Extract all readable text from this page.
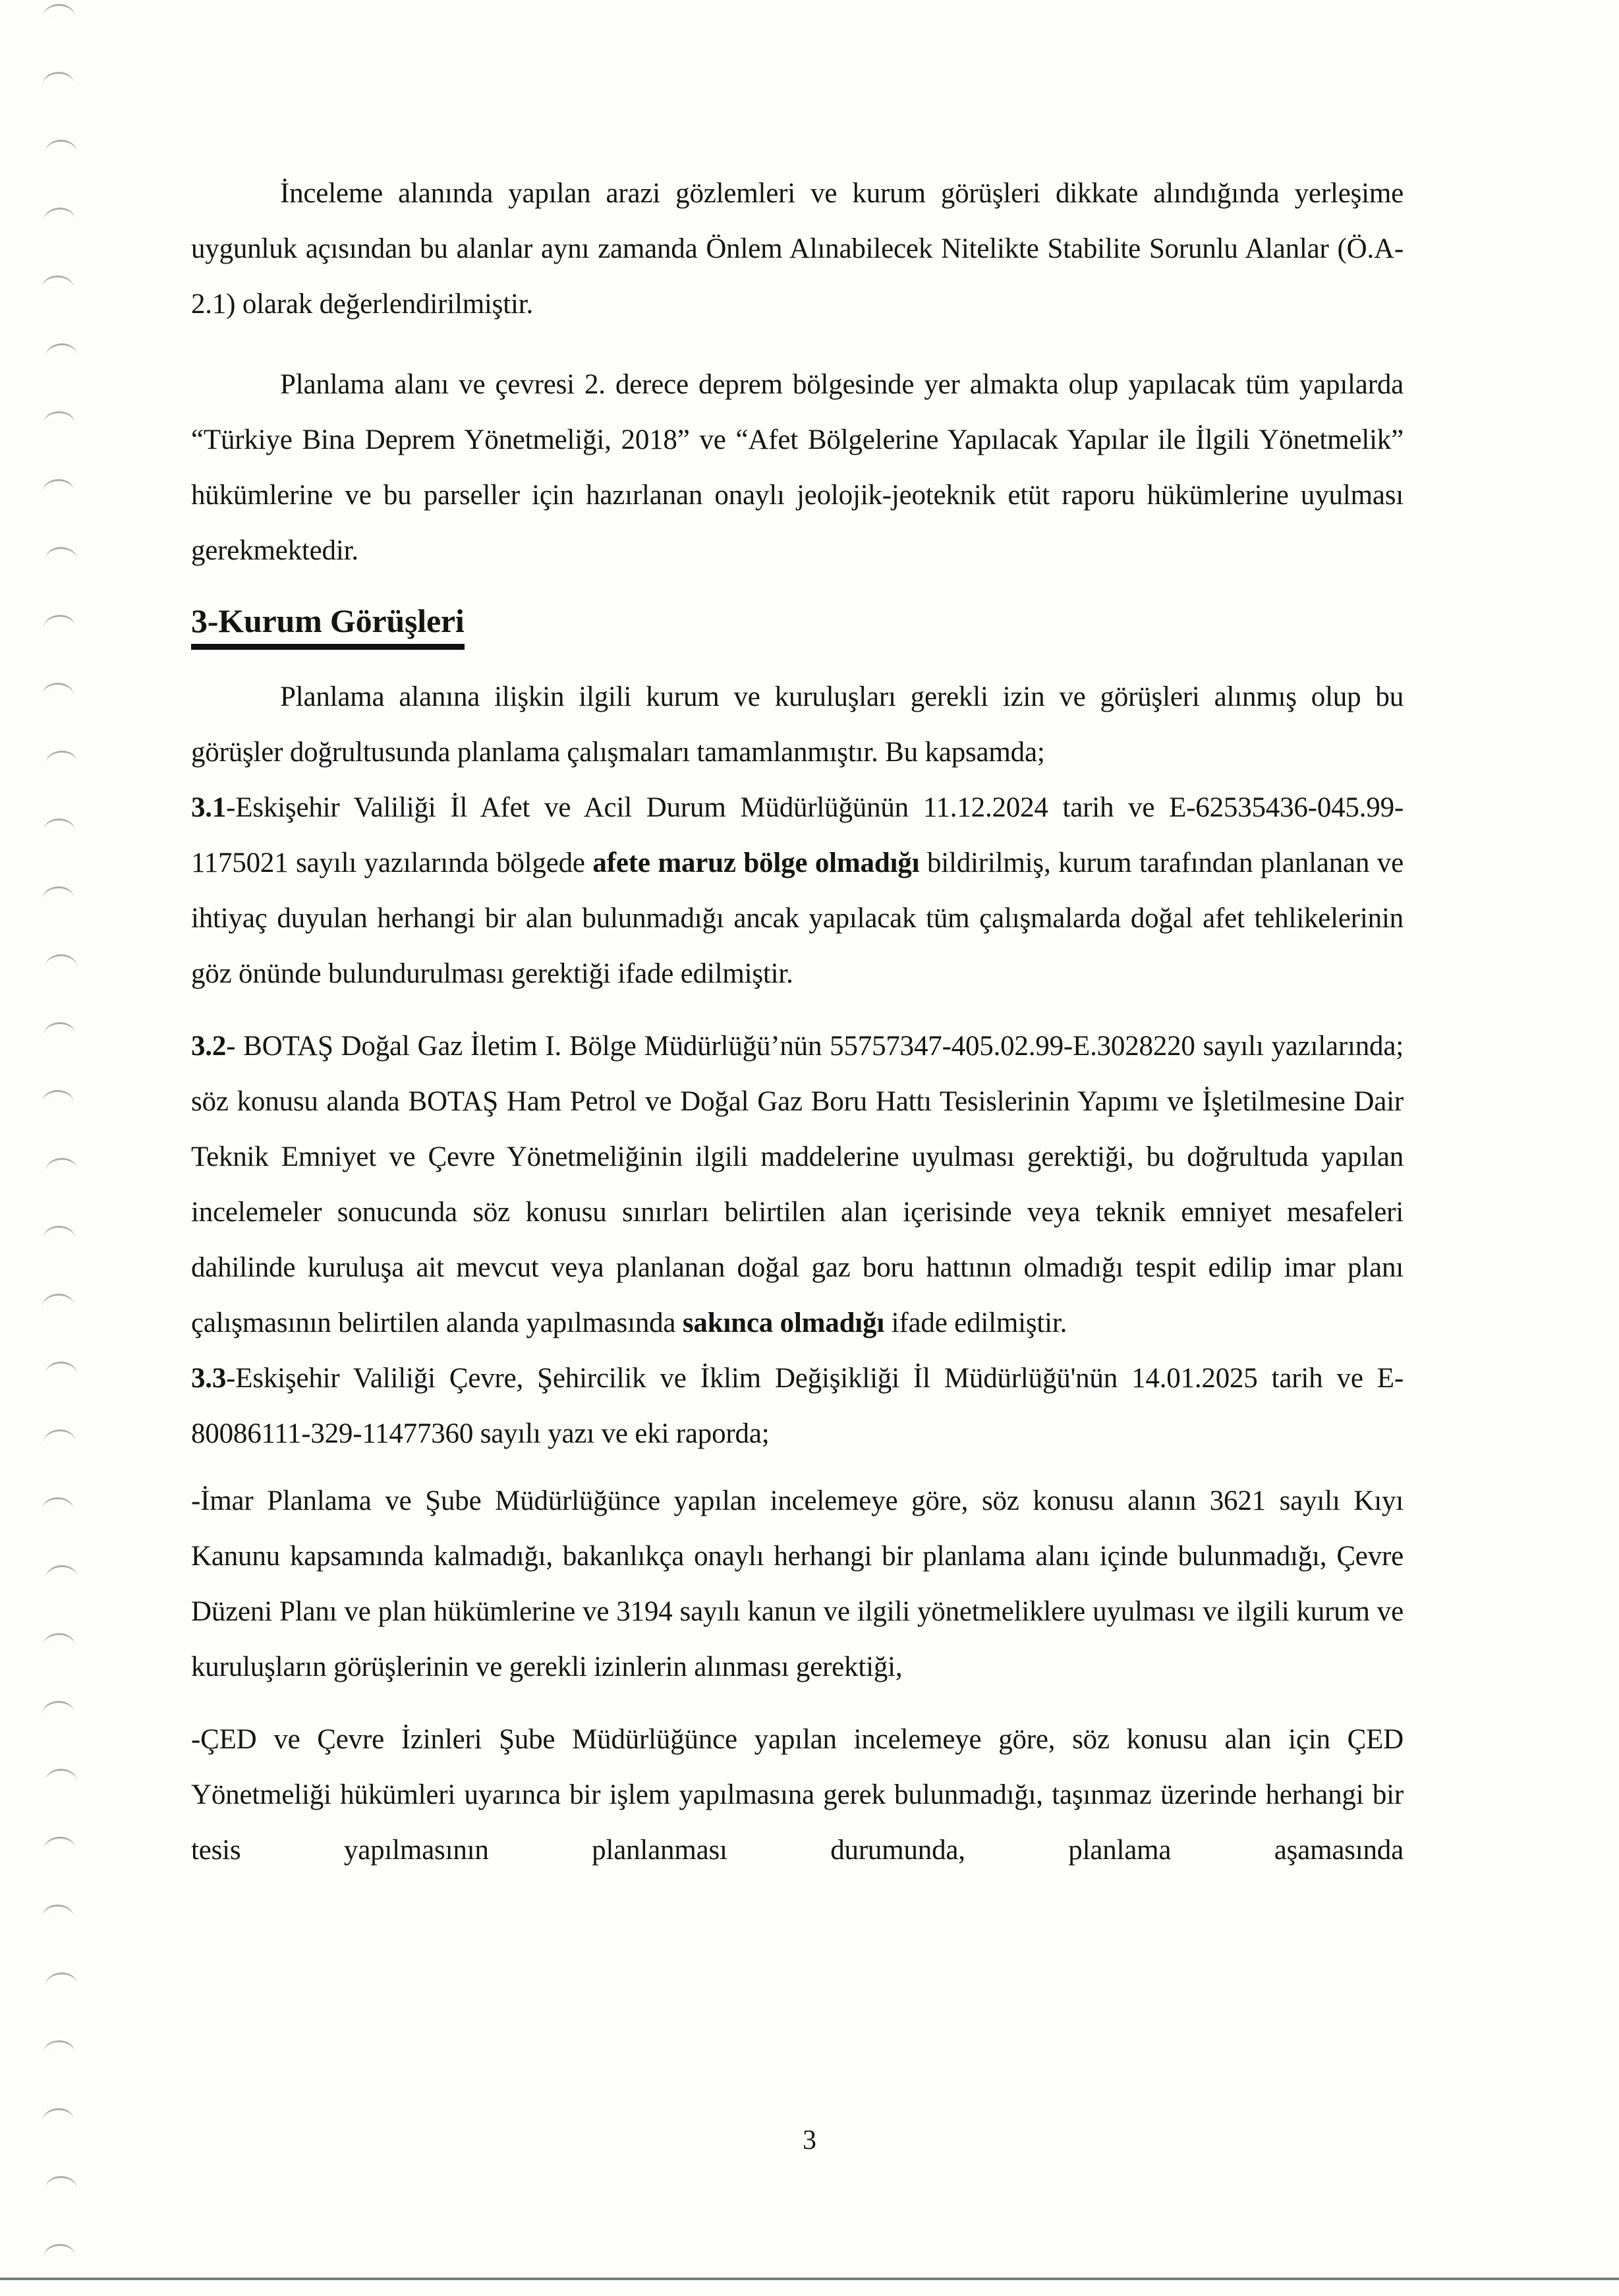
İnceleme alanında yapılan arazi gözlemleri ve kurum görüşleri dikkate alındığında yerleşime uygunluk açısından bu alanlar aynı zamanda Önlem Alınabilecek Nitelikte Stabilite Sorunlu Alanlar (Ö.A-2.1) olarak değerlendirilmiştir.

Planlama alanı ve çevresi 2. derece deprem bölgesinde yer almakta olup yapılacak tüm yapılarda “Türkiye Bina Deprem Yönetmeliği, 2018” ve “Afet Bölgelerine Yapılacak Yapılar ile İlgili Yönetmelik” hükümlerine ve bu parseller için hazırlanan onaylı jeolojik-jeoteknik etüt raporu hükümlerine uyulması gerekmektedir.

3-Kurum Görüşleri

Planlama alanına ilişkin ilgili kurum ve kuruluşları gerekli izin ve görüşleri alınmış olup bu görüşler doğrultusunda planlama çalışmaları tamamlanmıştır. Bu kapsamda;

3.1-Eskişehir Valiliği İl Afet ve Acil Durum Müdürlüğünün 11.12.2024 tarih ve E-62535436-045.99-1175021 sayılı yazılarında bölgede afete maruz bölge olmadığı bildirilmiş, kurum tarafından planlanan ve ihtiyaç duyulan herhangi bir alan bulunmadığı ancak yapılacak tüm çalışmalarda doğal afet tehlikelerinin göz önünde bulundurulması gerektiği ifade edilmiştir.

3.2- BOTAŞ Doğal Gaz İletim I. Bölge Müdürlüğü’nün 55757347-405.02.99-E.3028220 sayılı yazılarında; söz konusu alanda BOTAŞ Ham Petrol ve Doğal Gaz Boru Hattı Tesislerinin Yapımı ve İşletilmesine Dair Teknik Emniyet ve Çevre Yönetmeliğinin ilgili maddelerine uyulması gerektiği, bu doğrultuda yapılan incelemeler sonucunda söz konusu sınırları belirtilen alan içerisinde veya teknik emniyet mesafeleri dahilinde kuruluşa ait mevcut veya planlanan doğal gaz boru hattının olmadığı tespit edilip imar planı çalışmasının belirtilen alanda yapılmasında sakınca olmadığı ifade edilmiştir.

3.3-Eskişehir Valiliği Çevre, Şehircilik ve İklim Değişikliği İl Müdürlüğü'nün 14.01.2025 tarih ve E-80086111-329-11477360 sayılı yazı ve eki raporda;

-İmar Planlama ve Şube Müdürlüğünce yapılan incelemeye göre, söz konusu alanın 3621 sayılı Kıyı Kanunu kapsamında kalmadığı, bakanlıkça onaylı herhangi bir planlama alanı içinde bulunmadığı, Çevre Düzeni Planı ve plan hükümlerine ve 3194 sayılı kanun ve ilgili yönetmeliklere uyulması ve ilgili kurum ve kuruluşların görüşlerinin ve gerekli izinlerin alınması gerektiği,

-ÇED ve Çevre İzinleri Şube Müdürlüğünce yapılan incelemeye göre, söz konusu alan için ÇED Yönetmeliği hükümleri uyarınca bir işlem yapılmasına gerek bulunmadığı, taşınmaz üzerinde herhangi bir tesis yapılmasının planlanması durumunda, planlama aşamasında

3
